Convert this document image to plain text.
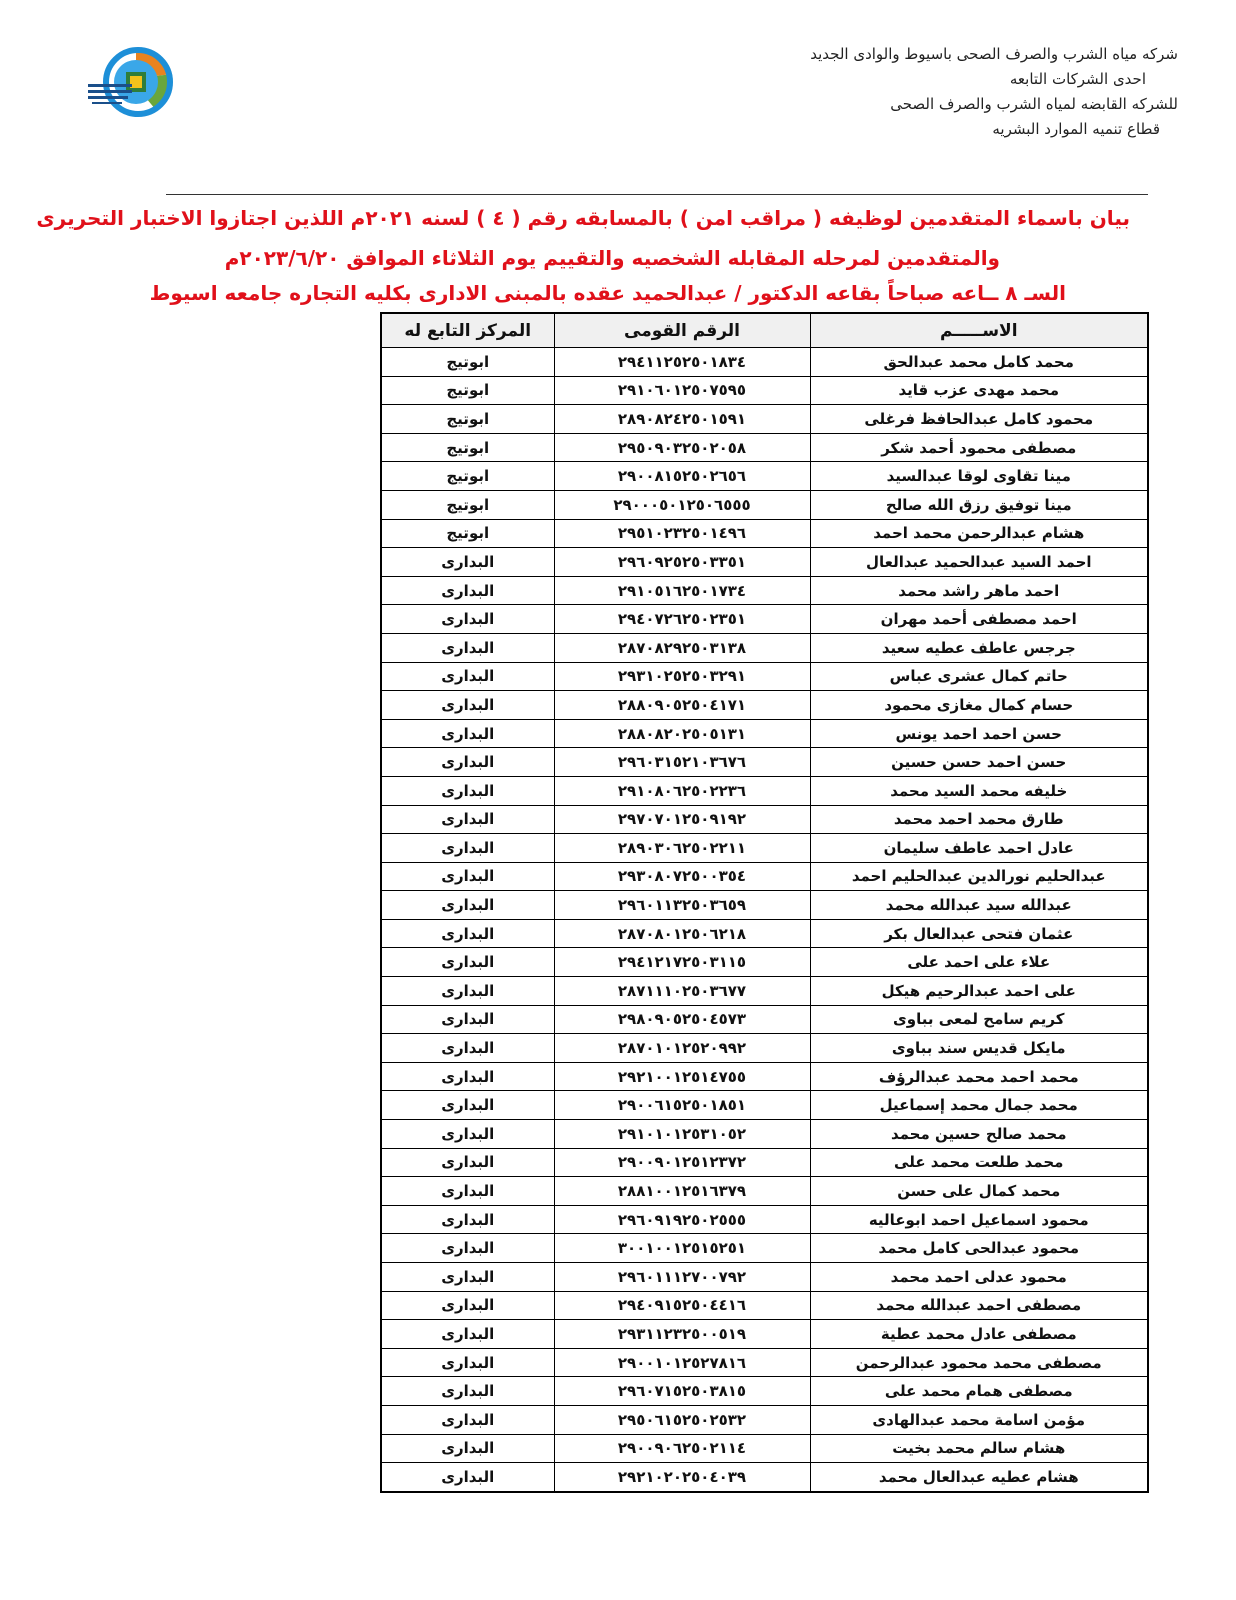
شركه مياه الشرب والصرف الصحى باسيوط والوادى الجديد
احدى الشركات التابعه
للشركه القابضه لمياه الشرب والصرف الصحى
قطاع تنميه الموارد البشريه
بيان باسماء المتقدمين لوظيفه ( مراقب امن ) بالمسابقه رقم ( ٤ ) لسنه ٢٠٢١م اللذين اجتازوا الاختبار التحريرى
والمتقدمين لمرحله المقابله الشخصيه والتقييم يوم الثلاثاء الموافق ٢٠٢٣/٦/٢٠م
السـ ٨ ــاعه صباحاً بقاعه الدكتور / عبدالحميد عقده بالمبنى الادارى بكليه التجاره جامعه اسيوط
الاســـــم	الرقم القومى	المركز التابع له
محمد كامل محمد عبدالحق	٢٩٤١١٢٥٢٥٠١٨٣٤	ابوتيج
محمد مهدى عزب قايد	٢٩١٠٦٠١٢٥٠٧٥٩٥	ابوتيج
محمود كامل عبدالحافظ فرغلى	٢٨٩٠٨٢٤٢٥٠١٥٩١	ابوتيج
مصطفى محمود أحمد شكر	٢٩٥٠٩٠٣٢٥٠٢٠٥٨	ابوتيج
مينا تقاوى لوقا عبدالسيد	٢٩٠٠٨١٥٢٥٠٢٦٥٦	ابوتيج
مينا توفيق رزق الله صالح	٢٩٠٠٠٥٠١٢٥٠٦٥٥٥	ابوتيج
هشام عبدالرحمن محمد احمد	٢٩٥١٠٢٣٢٥٠١٤٩٦	ابوتيج
احمد السيد عبدالحميد عبدالعال	٢٩٦٠٩٢٥٢٥٠٣٣٥١	البدارى
احمد ماهر راشد محمد	٢٩١٠٥١٦٢٥٠١٧٣٤	البدارى
احمد مصطفى أحمد مهران	٢٩٤٠٧٢٦٢٥٠٢٣٥١	البدارى
جرجس عاطف عطيه سعيد	٢٨٧٠٨٢٩٢٥٠٣١٣٨	البدارى
حاتم كمال عشرى عباس	٢٩٣١٠٢٥٢٥٠٣٢٩١	البدارى
حسام كمال مغازى محمود	٢٨٨٠٩٠٥٢٥٠٤١٧١	البدارى
حسن احمد احمد يونس	٢٨٨٠٨٢٠٢٥٠٥١٣١	البدارى
حسن احمد حسن حسين	٢٩٦٠٣١٥٢١٠٣٦٧٦	البدارى
خليفه محمد السيد محمد	٢٩١٠٨٠٦٢٥٠٢٢٣٦	البدارى
طارق محمد احمد محمد	٢٩٧٠٧٠١٢٥٠٩١٩٢	البدارى
عادل احمد عاطف سليمان	٢٨٩٠٣٠٦٢٥٠٢٢١١	البدارى
عبدالحليم نورالدين عبدالحليم احمد	٢٩٣٠٨٠٧٢٥٠٠٣٥٤	البدارى
عبدالله سيد عبدالله محمد	٢٩٦٠١١٣٢٥٠٣٦٥٩	البدارى
عثمان فتحى عبدالعال بكر	٢٨٧٠٨٠١٢٥٠٦٢١٨	البدارى
علاء على احمد على	٢٩٤١٢١٧٢٥٠٣١١٥	البدارى
على احمد عبدالرحيم هيكل	٢٨٧١١١٠٢٥٠٣٦٧٧	البدارى
كريم سامح لمعى بباوى	٢٩٨٠٩٠٥٢٥٠٤٥٧٣	البدارى
مايكل قديس سند بباوى	٢٨٧٠١٠١٢٥٢٠٩٩٢	البدارى
محمد احمد محمد عبدالرؤف	٢٩٢١٠٠١٢٥١٤٧٥٥	البدارى
محمد جمال محمد إسماعيل	٢٩٠٠٦١٥٢٥٠١٨٥١	البدارى
محمد صالح حسين محمد	٢٩١٠١٠١٢٥٣١٠٥٢	البدارى
محمد طلعت محمد على	٢٩٠٠٩٠١٢٥١٢٣٧٢	البدارى
محمد كمال على حسن	٢٨٨١٠٠١٢٥١٦٣٧٩	البدارى
محمود اسماعيل احمد ابوعاليه	٢٩٦٠٩١٩٢٥٠٢٥٥٥	البدارى
محمود عبدالحى كامل محمد	٣٠٠١٠٠١٢٥١٥٢٥١	البدارى
محمود عدلى احمد محمد	٢٩٦٠١١١٢٧٠٠٧٩٢	البدارى
مصطفى احمد عبدالله محمد	٢٩٤٠٩١٥٢٥٠٤٤١٦	البدارى
مصطفى عادل محمد عطية	٢٩٣١١٢٣٢٥٠٠٥١٩	البدارى
مصطفى محمد محمود عبدالرحمن	٢٩٠٠١٠١٢٥٢٧٨١٦	البدارى
مصطفى همام محمد على	٢٩٦٠٧١٥٢٥٠٣٨١٥	البدارى
مؤمن اسامة محمد عبدالهادى	٢٩٥٠٦١٥٢٥٠٢٥٣٢	البدارى
هشام سالم محمد بخيت	٢٩٠٠٩٠٦٢٥٠٢١١٤	البدارى
هشام عطيه عبدالعال محمد	٢٩٢١٠٢٠٢٥٠٤٠٣٩	البدارى
